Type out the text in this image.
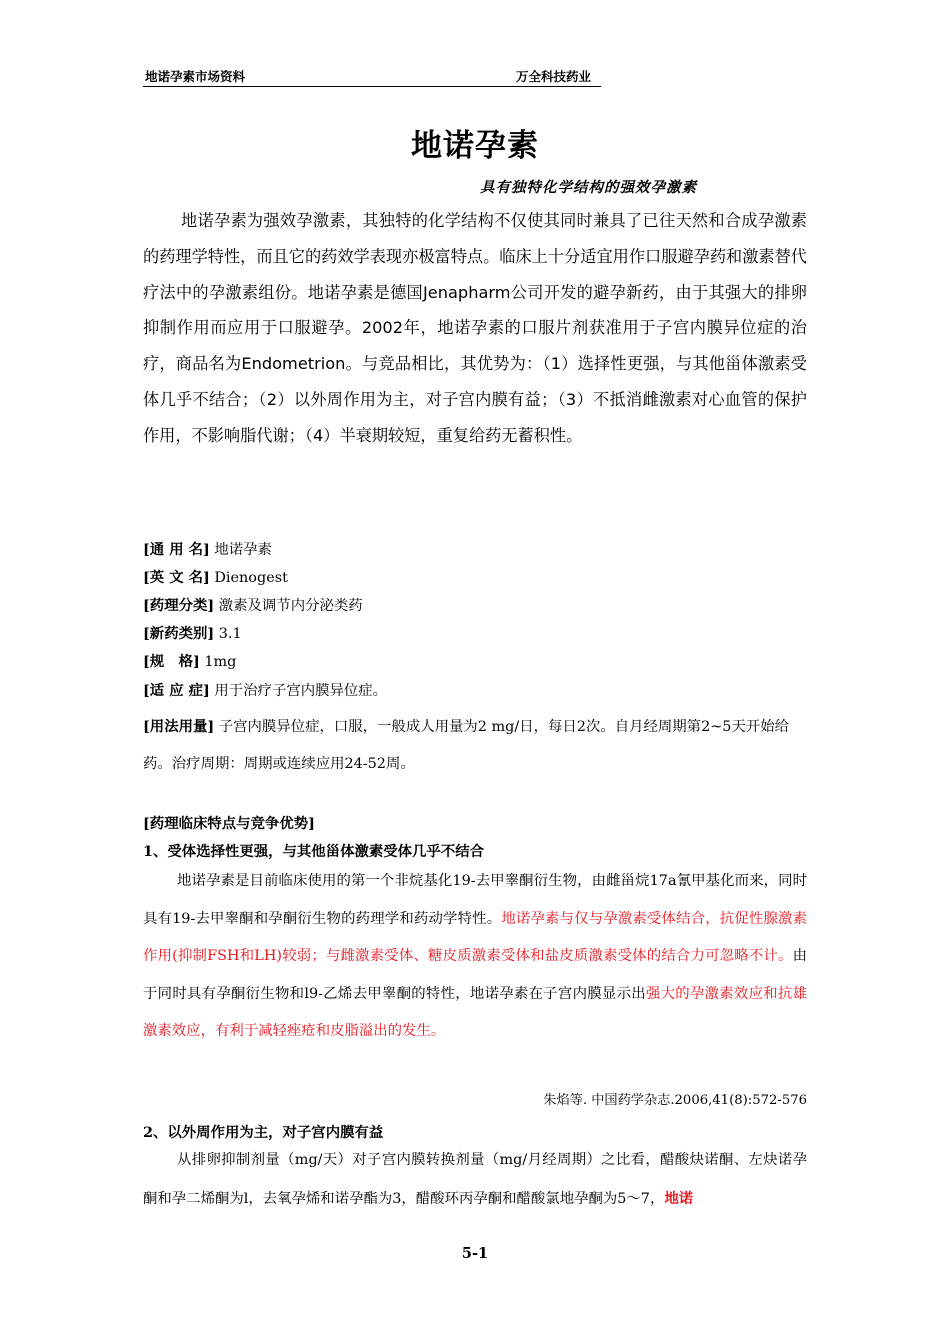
地诺孕素市场资料	万全科技药业
地诺孕素
具有独特化学结构的强效孕激素

地诺孕素为强效孕激素，其独特的化学结构不仅使其同时兼具了已往天然和合成孕激素的药理学特性，而且它的药效学表现亦极富特点。临床上十分适宜用作口服避孕药和激素替代疗法中的孕激素组份。地诺孕素是德国Jenapharm公司开发的避孕新药，由于其强大的排卵抑制作用而应用于口服避孕。2002年，地诺孕素的口服片剂获准用于子宫内膜异位症的治疗，商品名为Endometrion。与竞品相比，其优势为：（1）选择性更强，与其他甾体激素受体几乎不结合；（2）以外周作用为主，对子宫内膜有益；（3）不抵消雌激素对心血管的保护作用，不影响脂代谢；（4）半衰期较短，重复给药无蓄积性。

[通 用 名] 地诺孕素
[英 文 名] Dienogest
[药理分类] 激素及调节内分泌类药
[新药类别] 3.1
[规　格] 1mg
[适 应 症] 用于治疗子宫内膜异位症。
[用法用量] 子宫内膜异位症，口服，一般成人用量为2 mg/日，每日2次。自月经周期第2~5天开始给药。治疗周期：周期或连续应用24-52周。
[药理临床特点与竞争优势]
1、受体选择性更强，与其他甾体激素受体几乎不结合

地诺孕素是目前临床使用的第一个非烷基化19-去甲睾酮衍生物，由雌甾烷17a氰甲基化而来，同时具有19-去甲睾酮和孕酮衍生物的药理学和药动学特性。地诺孕素与仅与孕激素受体结合，抗促性腺激素作用(抑制FSH和LH)较弱；与雌激素受体、糖皮质激素受体和盐皮质激素受体的结合力可忽略不计。由于同时具有孕酮衍生物和l9-乙烯去甲睾酮的特性，地诺孕素在子宫内膜显示出强大的孕激素效应和抗雄激素效应，有利于减轻痤疮和皮脂溢出的发生。

朱焰等. 中国药学杂志.2006,41(8):572-576
2、以外周作用为主，对子宫内膜有益

从排卵抑制剂量（mg/天）对子宫内膜转换剂量（mg/月经周期）之比看，醋酸炔诺酮、左炔诺孕酮和孕二烯酮为l，去氧孕烯和诺孕酯为3，醋酸环丙孕酮和醋酸氯地孕酮为5～7，地诺

5-1
